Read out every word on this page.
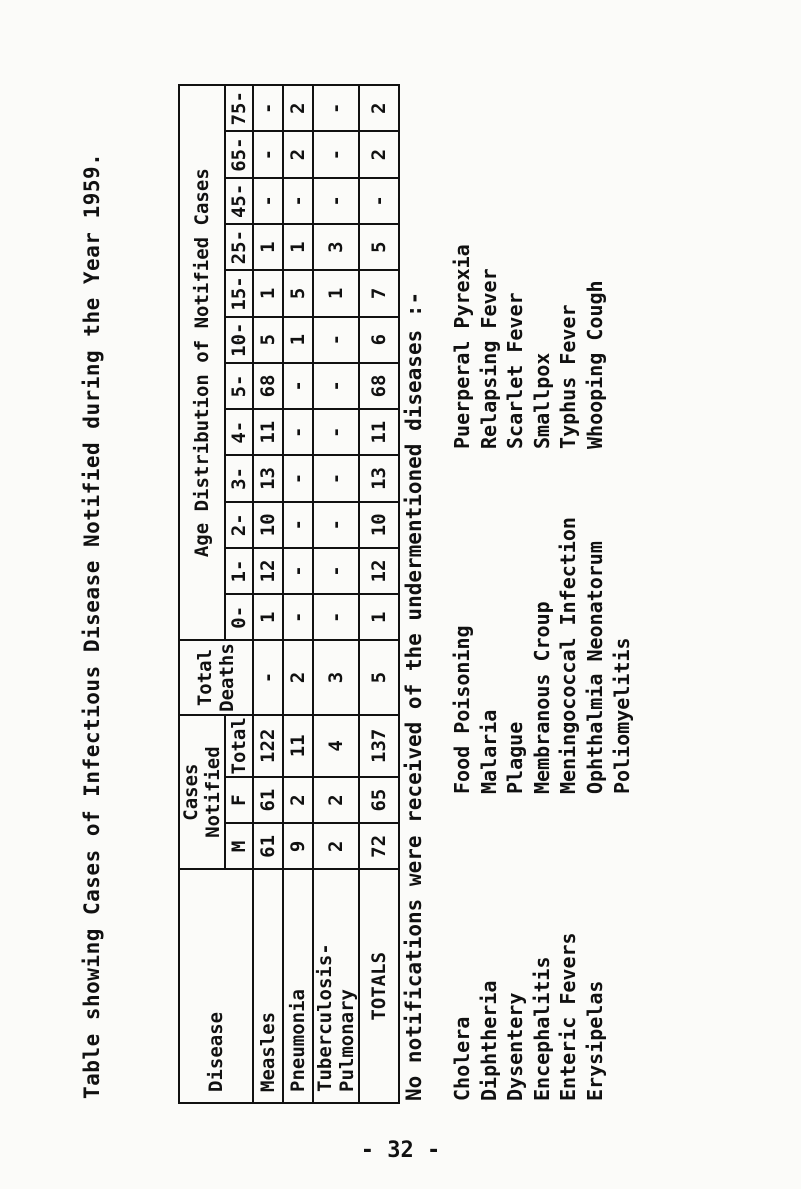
Table showing Cases of Infectious Disease Notified during the Year 1959.	Disease	Cases Notified			Total Deaths	Age Distribution of Notified Cases											
	M	F	Total		0-	1-	2-	3-	4-	5-	10-	15-	25-	45-	65-	75-
Measles	61	61	122	-	1	12	10	13	11	68	5	1	1	-	-	-
Pneumonia	9	2	11	2	-	-	-	-	-	-	1	5	1	-	2	2
Tuberculosis-Pulmonary	2	2	4	3	-	-	-	-	-	-	-	1	3	-	-	-
TOTALS	72	65	137	5	1	12	10	13	11	68	6	7	5	-	2	2
No notifications were received of the undermentioned diseases :- Cholera Diphtheria Dysentery Encephalitis Enteric Fevers Erysipelas
Food Poisoning Malaria Plague Membranous Croup Meningococcal Infection Ophthalmia Neonatorum Poliomyelitis
Puerperal Pyrexia Relapsing Fever Scarlet Fever Smallpox Typhus Fever Whooping Cough
- 32 -
